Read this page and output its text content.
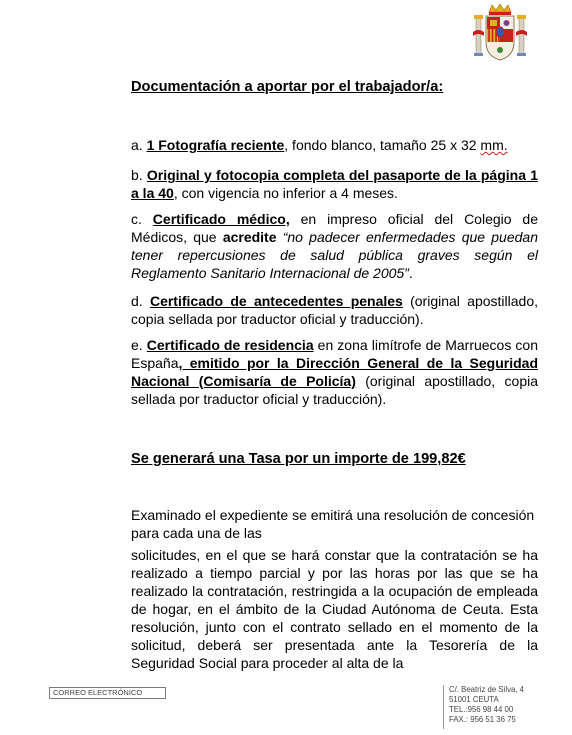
Documentación a aportar por el trabajador/a:
a. 1 Fotografía reciente, fondo blanco, tamaño 25 x 32 mm.
b. Original y fotocopia completa del pasaporte de la página 1 a la 40, con vigencia no inferior a 4 meses.
c. Certificado médico, en impreso oficial del Colegio de Médicos, que acredite “no padecer enfermedades que puedan tener repercusiones de salud pública graves según el Reglamento Sanitario Internacional de 2005”.
d. Certificado de antecedentes penales (original apostillado, copia sellada por traductor oficial y traducción).
e. Certificado de residencia en zona limítrofe de Marruecos con España, emitido por la Dirección General de la Seguridad Nacional (Comisaría de Policía) (original apostillado, copia sellada por traductor oficial y traducción).
Se generará una Tasa por un importe de 199,82€
Examinado el expediente se emitirá una resolución de concesión para cada una de las
solicitudes, en el que se hará constar que la contratación se ha realizado a tiempo parcial y por las horas por las que se ha realizado la contratación, restringida a la ocupación de empleada de hogar, en el ámbito de la Ciudad Autónoma de Ceuta. Esta resolución, junto con el contrato sellado en el momento de la solicitud, deberá ser presentada ante la Tesorería de la Seguridad Social para proceder al alta de la
CORREO ELECTRÓNICO	C/. Beatriz de Silva, 4
51001 CEUTA
TEL.:956 98 44 00
FAX.: 956 51 36 75
